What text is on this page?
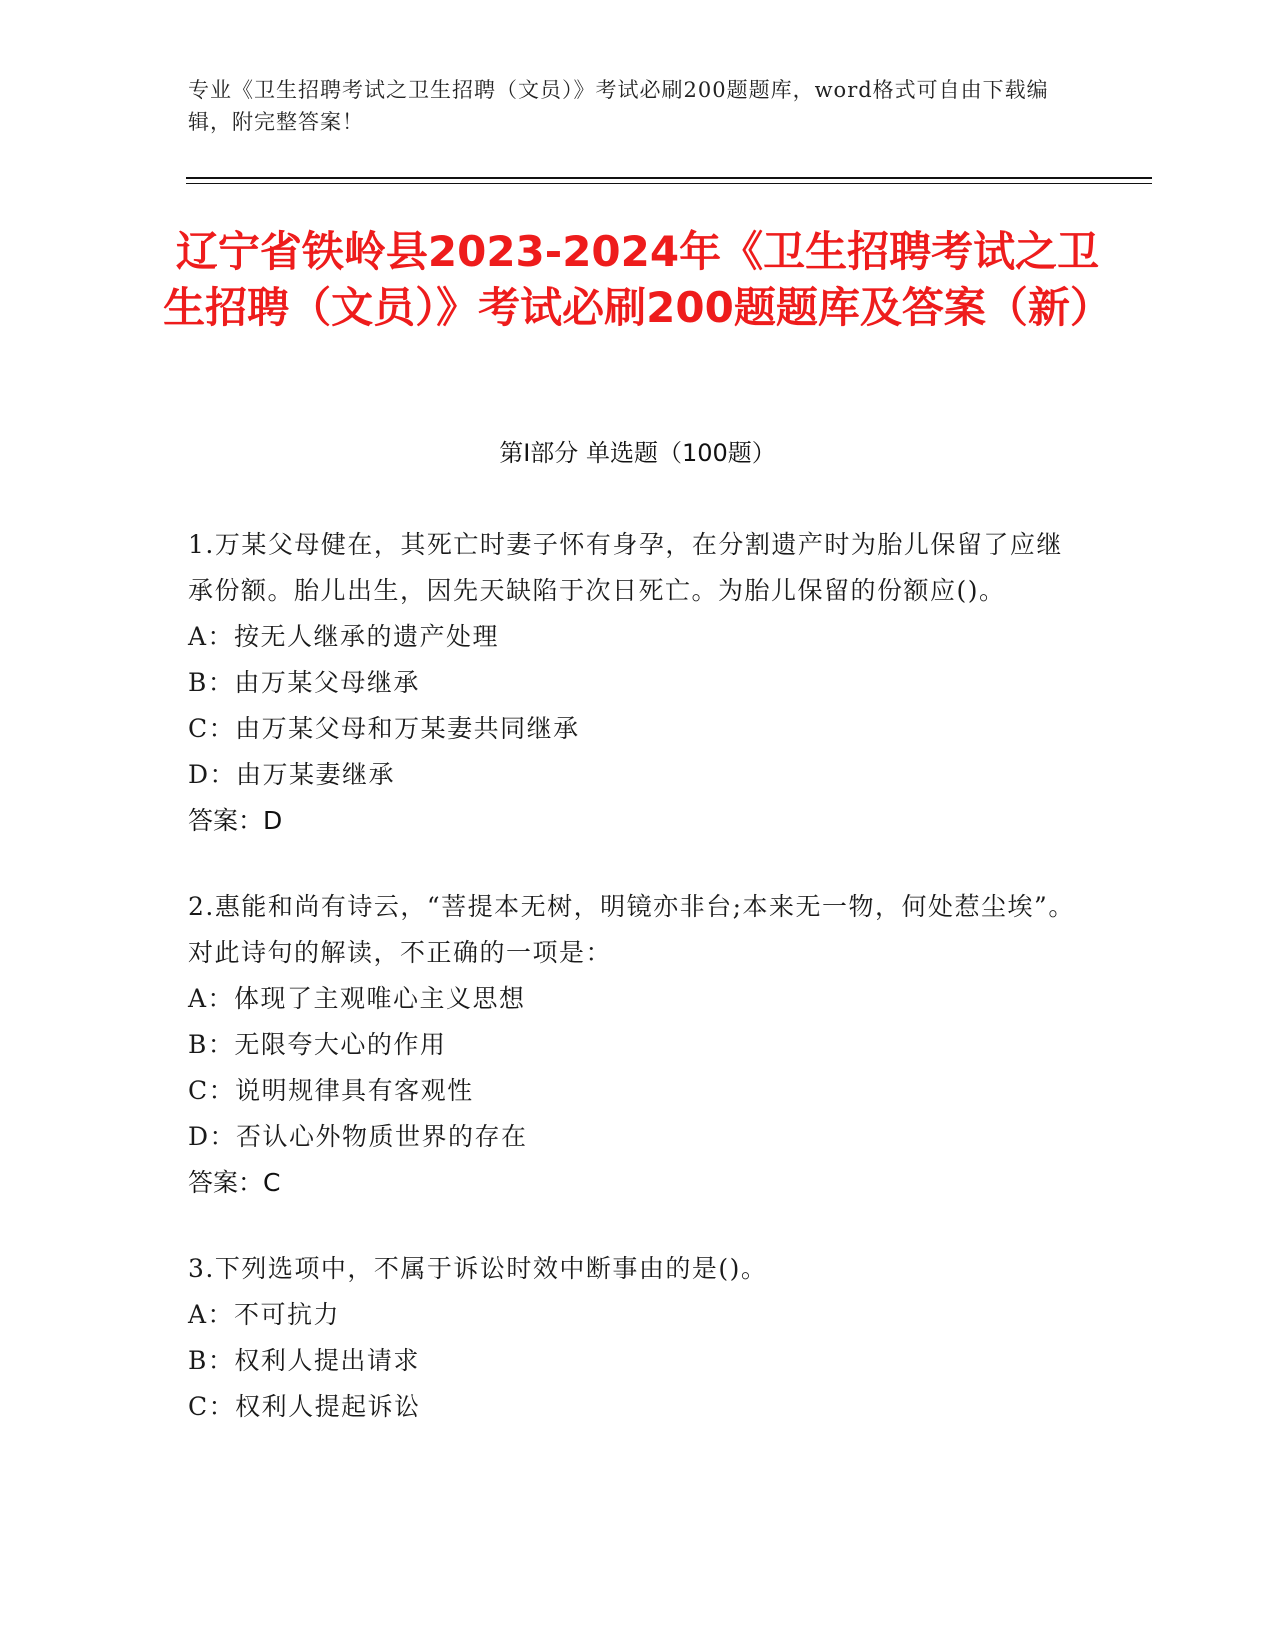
专业《卫生招聘考试之卫生招聘（文员）》考试必刷200题题库，word格式可自由下载编辑，附完整答案！
辽宁省铁岭县2023-2024年《卫生招聘考试之卫生招聘（文员）》考试必刷200题题库及答案（新）
第Ⅰ部分 单选题（100题）

1.万某父母健在，其死亡时妻子怀有身孕，在分割遗产时为胎儿保留了应继承份额。胎儿出生，因先天缺陷于次日死亡。为胎儿保留的份额应()。

A：按无人继承的遗产处理

B：由万某父母继承

C：由万某父母和万某妻共同继承

D：由万某妻继承

答案：D

2.惠能和尚有诗云，“菩提本无树，明镜亦非台;本来无一物，何处惹尘埃”。对此诗句的解读，不正确的一项是：

A：体现了主观唯心主义思想

B：无限夸大心的作用

C：说明规律具有客观性

D：否认心外物质世界的存在

答案：C

3.下列选项中，不属于诉讼时效中断事由的是()。

A：不可抗力

B：权利人提出请求

C：权利人提起诉讼
